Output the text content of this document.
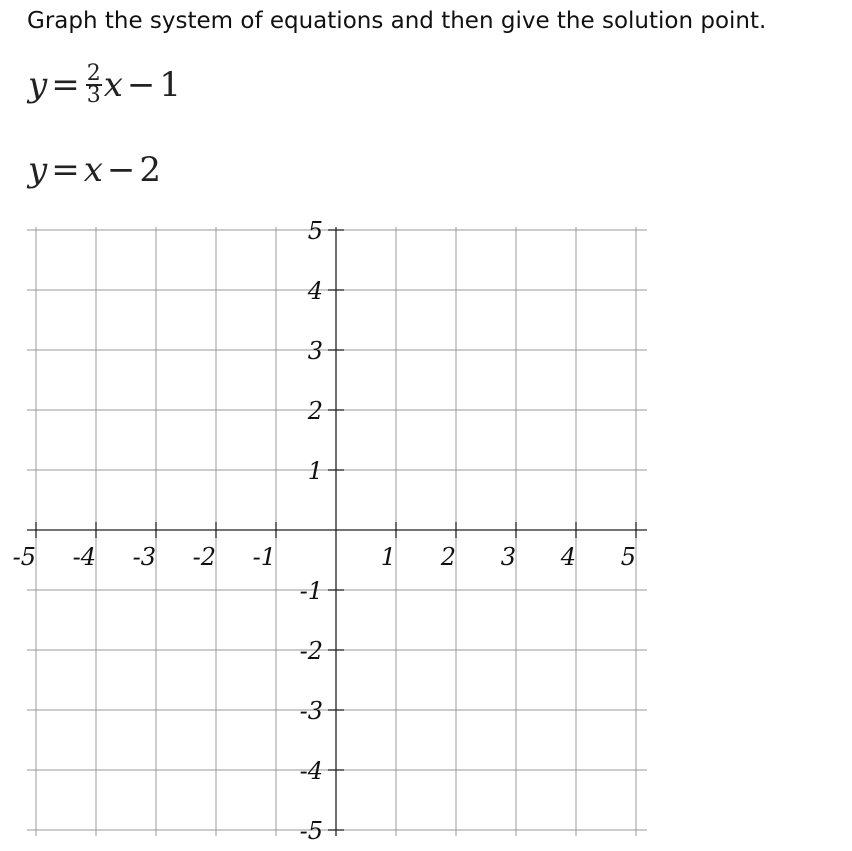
Graph the system of equations and then give the solution point.
$y = \frac{2}{3}$ x − 1
y = x − 2
-5 -4 -3 -2 -1	1 2 3 4 5
5
4
3
2
1
-1
-2
-3
-4
-5
